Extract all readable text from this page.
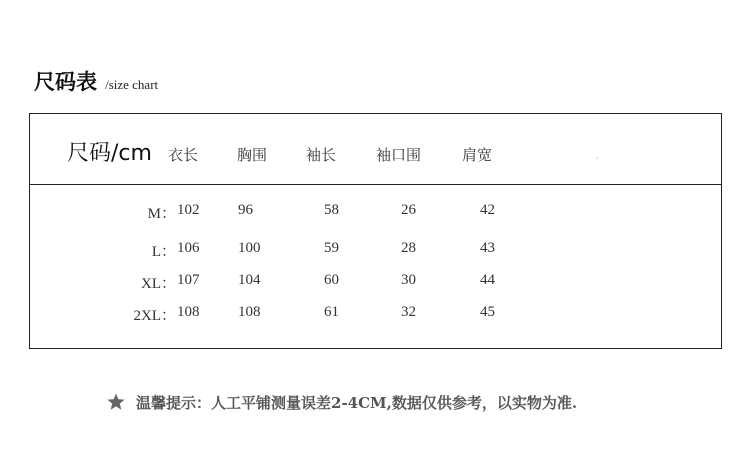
尺码表 /size chart
尺码/cm 衣长	胸围	袖长	袖口围	肩宽
M： 102	96	58	26	42
L： 106	100	59	28	43
XL： 107	104	60	30	44
2XL： 108	108	61	32	45
温馨提示：人工平铺测量误差2-4CM,数据仅供参考，以实物为准.
